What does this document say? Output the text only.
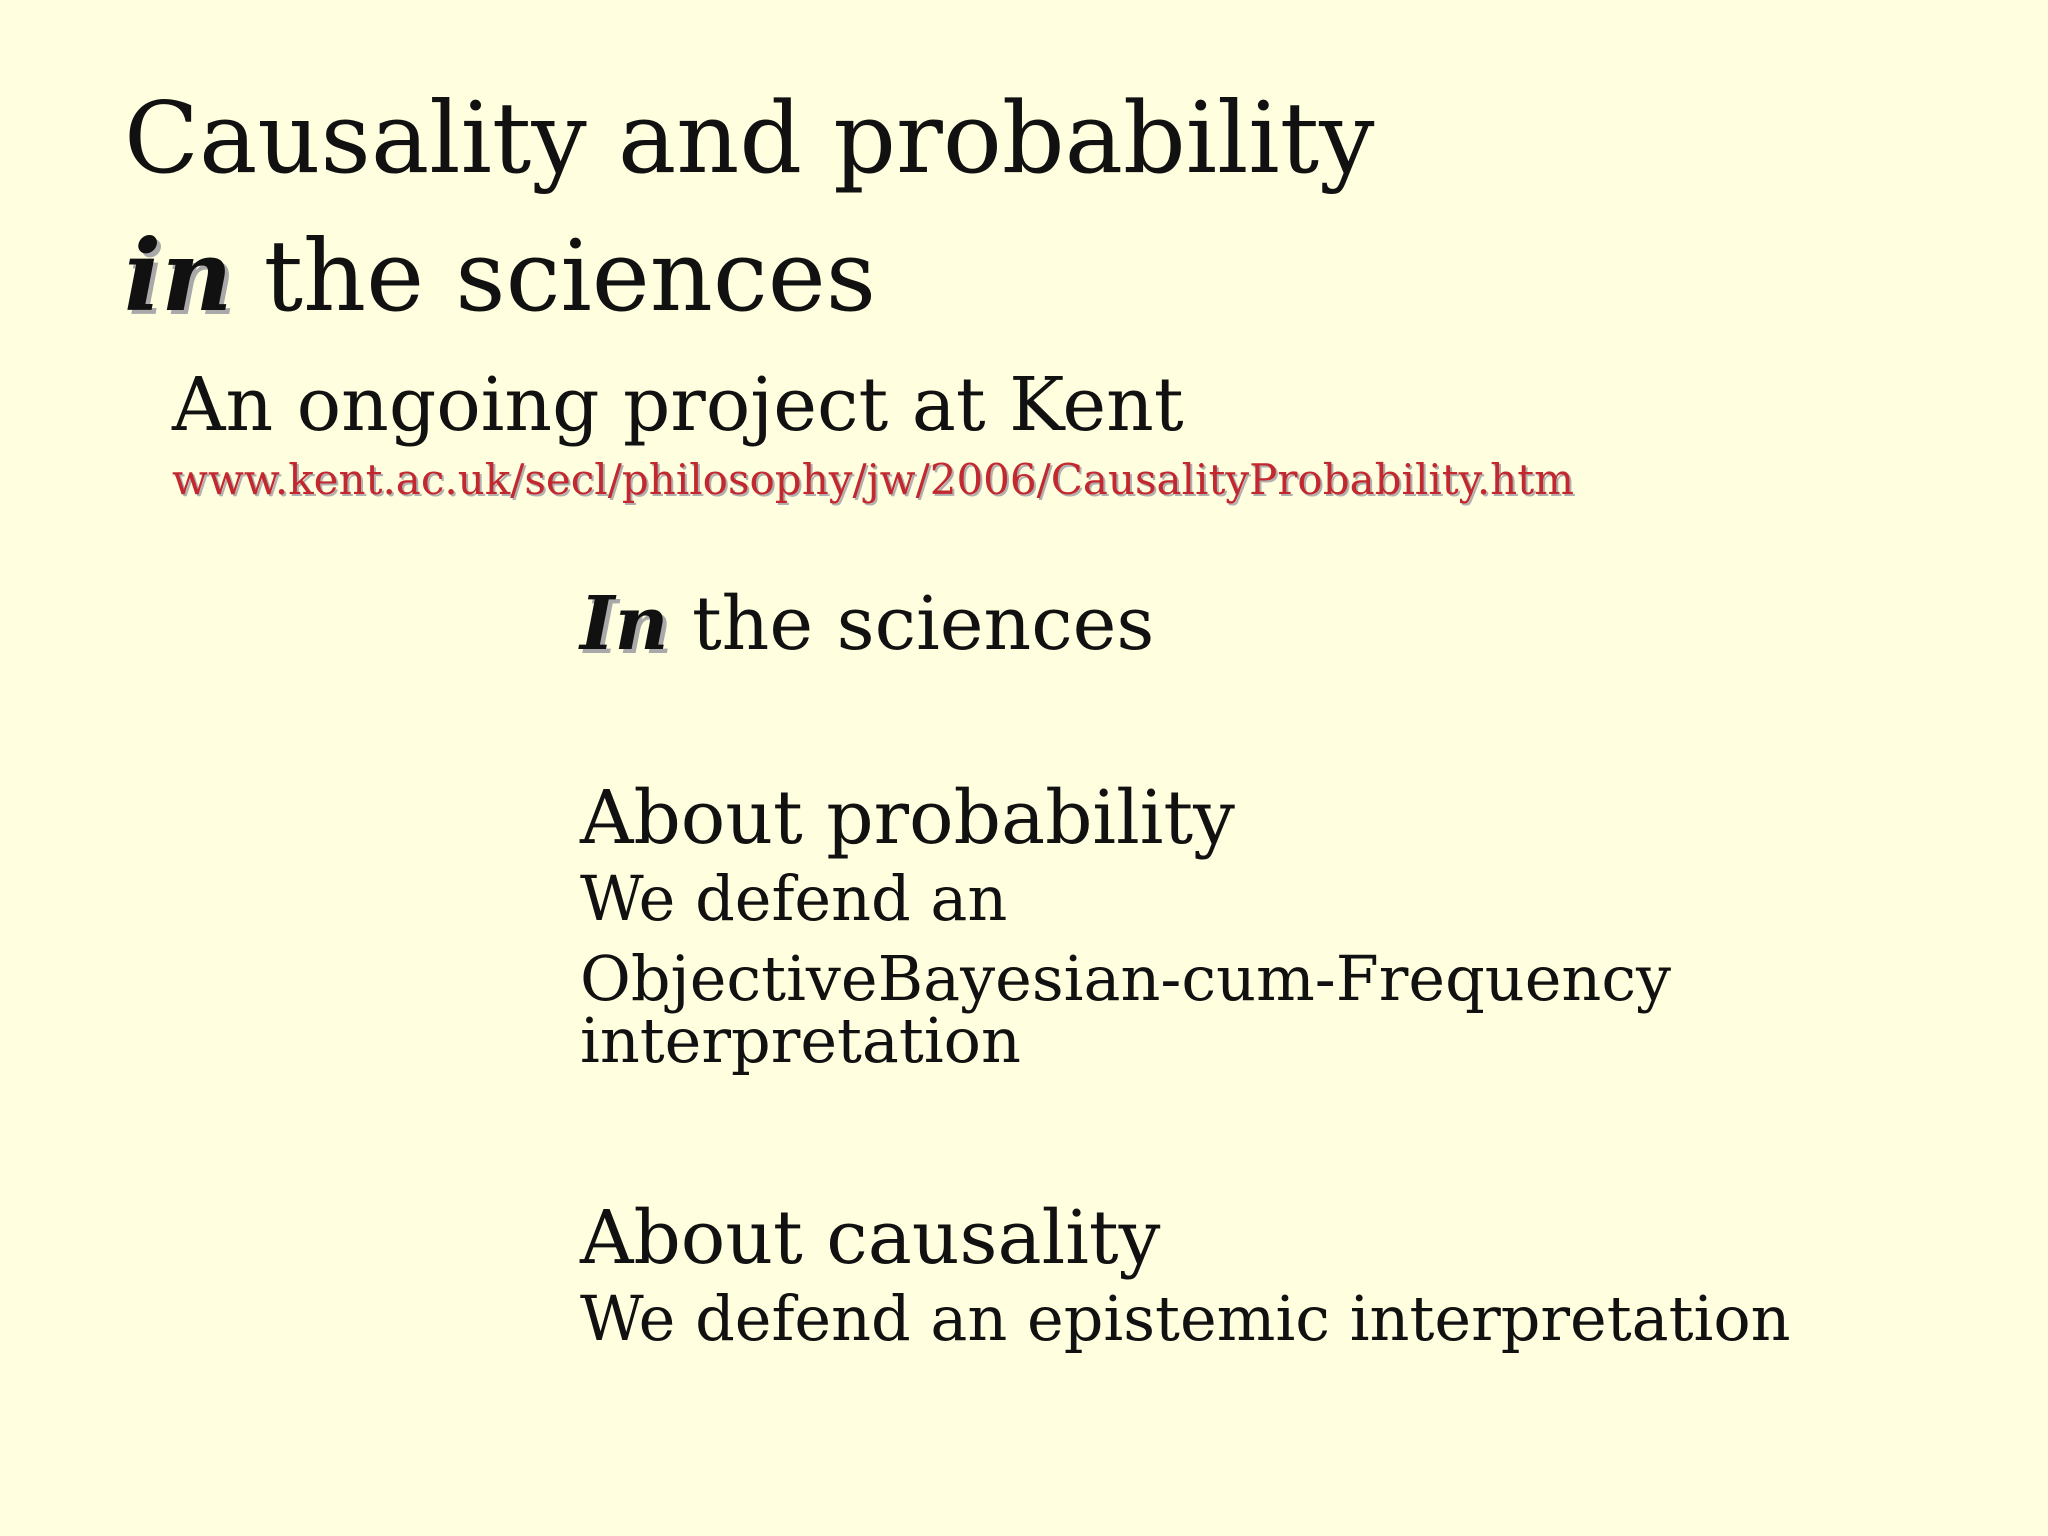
Causality and probability
in the sciences
An ongoing project at Kent
www.kent.ac.uk/secl/philosophy/jw/2006/CausalityProbability.htm
In the sciences
About probability
We defend an
ObjectiveBayesian-cum-Frequency
interpretation
About causality
We defend an epistemic interpretation
